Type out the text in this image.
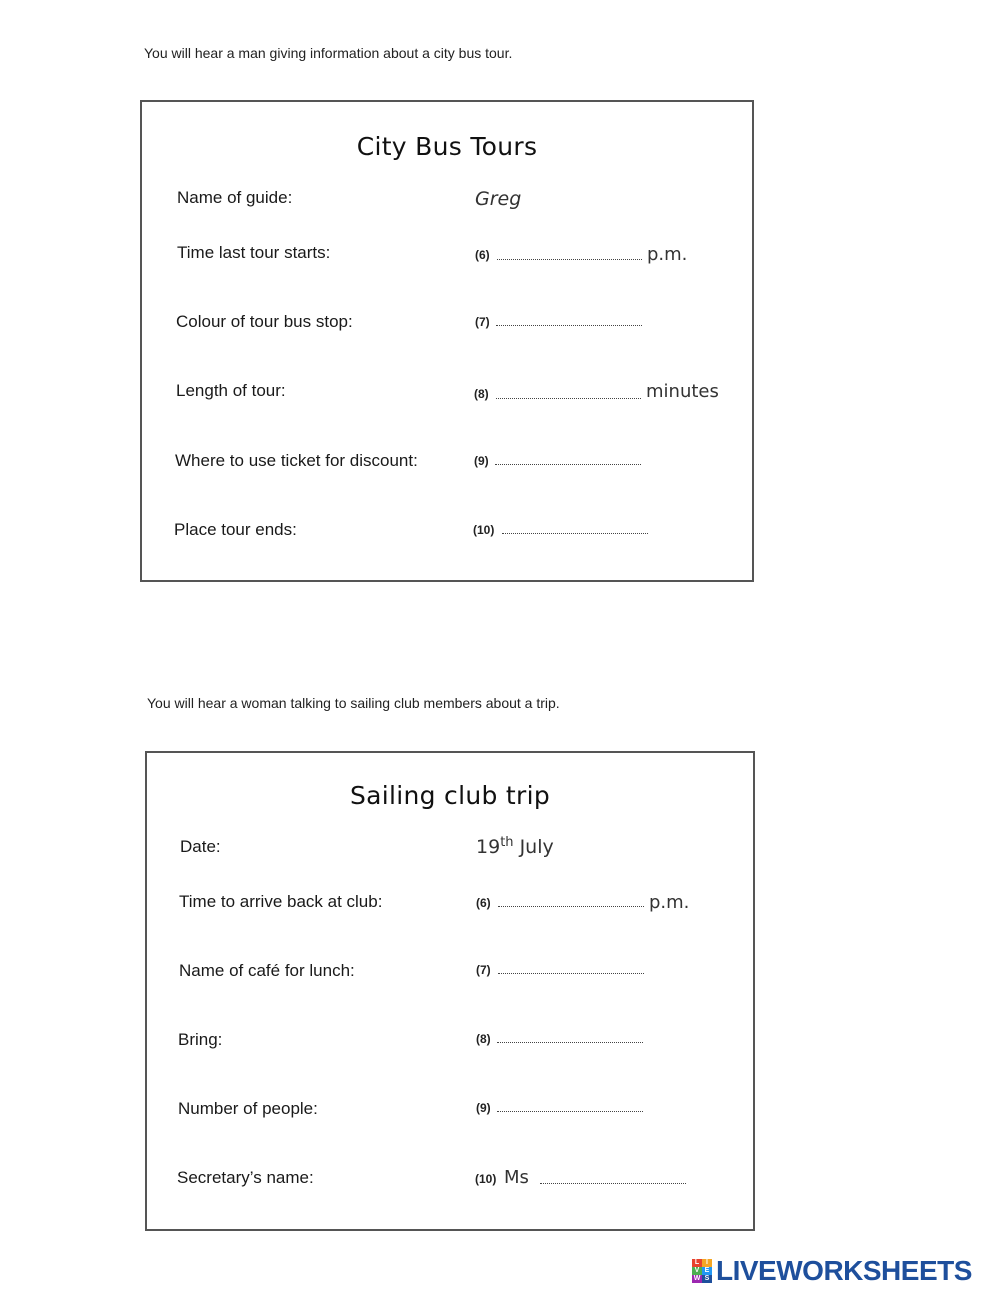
You will hear a man giving information about a city bus tour.
City Bus Tours
Name of guide:	Greg
Time last tour starts:	(6)	p.m.
Colour of tour bus stop:	(7)
Length of tour:	(8)	minutes
Where to use ticket for discount:	(9)
Place tour ends:	(10)
You will hear a woman talking to sailing club members about a trip.
Sailing club trip
Date:	19th July
Time to arrive back at club:	(6)	p.m.
Name of café for lunch:	(7)
Bring:	(8)
Number of people:	(9)
Secretary’s name:	(10) Ms
L I
V E
W S LIVEWORKSHEETS
